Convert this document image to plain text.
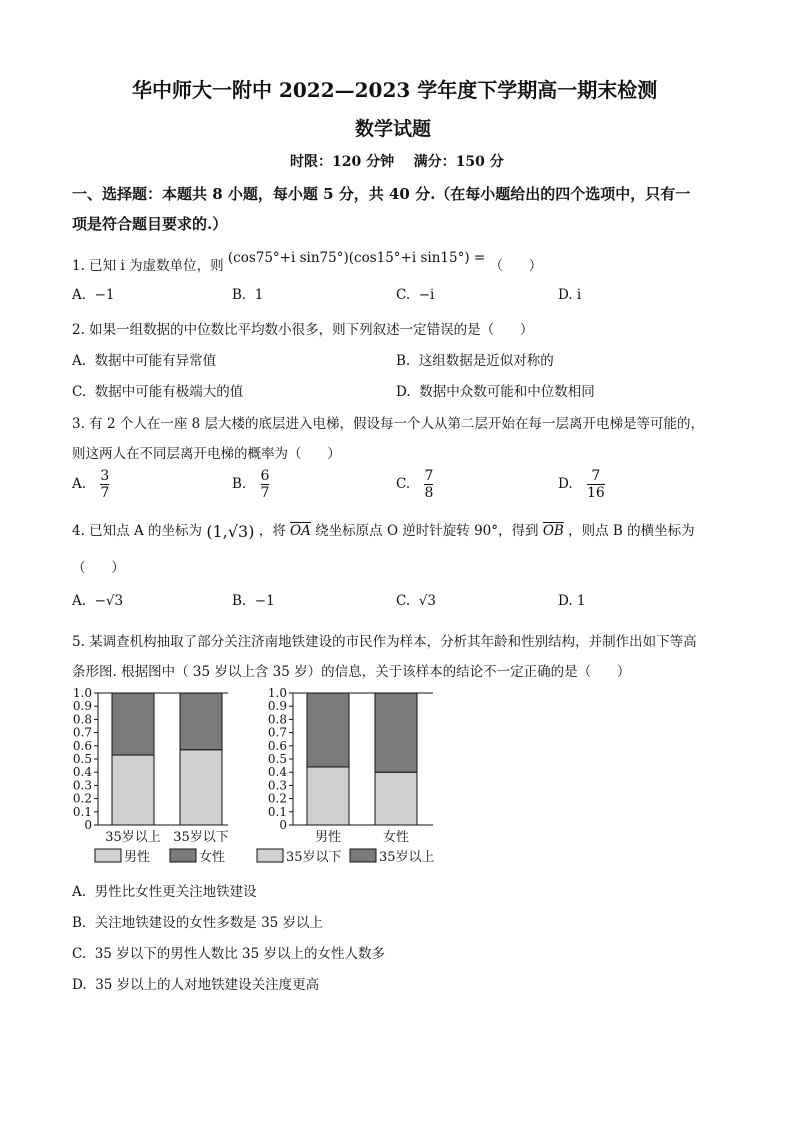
华中师大一附中 2022—2023 学年度下学期高一期末检测
数学试题
时限：120 分钟    满分：150 分
一、选择题：本题共 8 小题，每小题 5 分，共 40 分.（在每小题给出的四个选项中，只有一
项是符合题目要求的.）
1. 已知 i 为虚数单位，则 (cos75°+i sin75°)(cos15°+i sin15°) = （      ）
A.  −1	B.  1	C.  −i	D. i
2. 如果一组数据的中位数比平均数小很多，则下列叙述一定错误的是（      ）
A.  数据中可能有异常值	B.  这组数据是近似对称的
C.  数据中可能有极端大的值	D.  数据中众数可能和中位数相同
3. 有 2 个人在一座 8 层大楼的底层进入电梯，假设每一个人从第二层开始在每一层离开电梯是等可能的，
则这两人在不同层离开电梯的概率为（      ）
A. $\frac{3}{7}$	B. $\frac{6}{7}$	C. $\frac{7}{8}$	D. $\frac{7}{16}$
4. 已知点 A 的坐标为 (1,√3) ，将 $\overline{OA}$ 绕坐标原点 O 逆时针旋转 90°，得到 $\overline{OB}$ ，则点 B 的横坐标为
（      ）
A.  −√3	B.  −1	C.  √3	D. 1
5. 某调查机构抽取了部分关注济南地铁建设的市民作为样本，分析其年龄和性别结构，并制作出如下等高
条形图. 根据图中（ 35 岁以上含 35 岁）的信息，关于该样本的结论不一定正确的是（      ）
0
0.1
0.2
0.3
0.4
0.5
0.6
0.7
0.8
0.9
1.0
35岁以上 35岁以下
男性	女性
0
0.1
0.2
0.3
0.4
0.5
0.6
0.7
0.8
0.9
1.0
男性	女性
35岁以下	35岁以上
A.  男性比女性更关注地铁建设
B.  关注地铁建设的女性多数是 35 岁以上
C.  35 岁以下的男性人数比 35 岁以上的女性人数多
D.  35 岁以上的人对地铁建设关注度更高
